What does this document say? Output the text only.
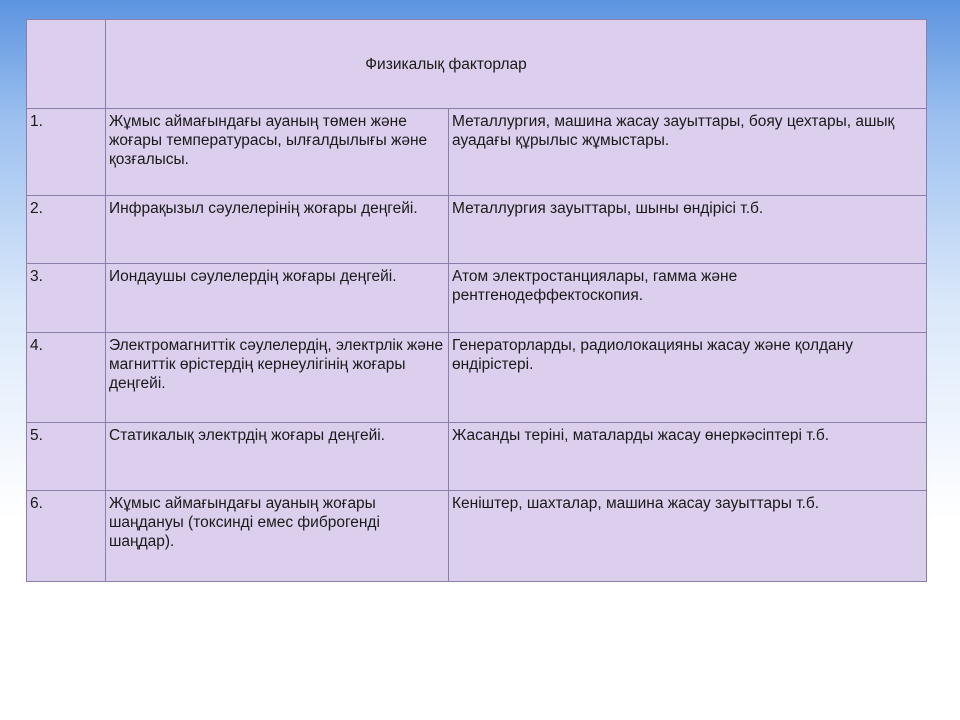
	Физикалық факторлар	
1.	Жұмыс аймағындағы ауаның төмен және жоғары температурасы, ылғалдылығы және қозғалысы.	Металлургия, машина жасау зауыттары, бояу цехтары, ашық ауадағы құрылыс жұмыстары.
2.	Инфрақызыл сәулелерінің жоғары деңгейі.	Металлургия зауыттары, шыны өндірісі т.б.
3.	Иондаушы сәулелердің жоғары деңгейі.	Атом электростанциялары, гамма және рентгенодеффектоскопия.
4.	Электромагниттік сәулелердің, электрлік және магниттік өрістердің кернеулігінің жоғары деңгейі.	Генераторларды, радиолокацияны жасау және қолдану өндірістері.
5.	Статикалық электрдің жоғары деңгейі.	Жасанды теріні, маталарды жасау өнеркәсіптері т.б.
6.	Жұмыс аймағындағы ауаның жоғары шаңдануы (токсинді емес фиброгенді шаңдар).	Кеніштер, шахталар, машина жасау зауыттары т.б.
